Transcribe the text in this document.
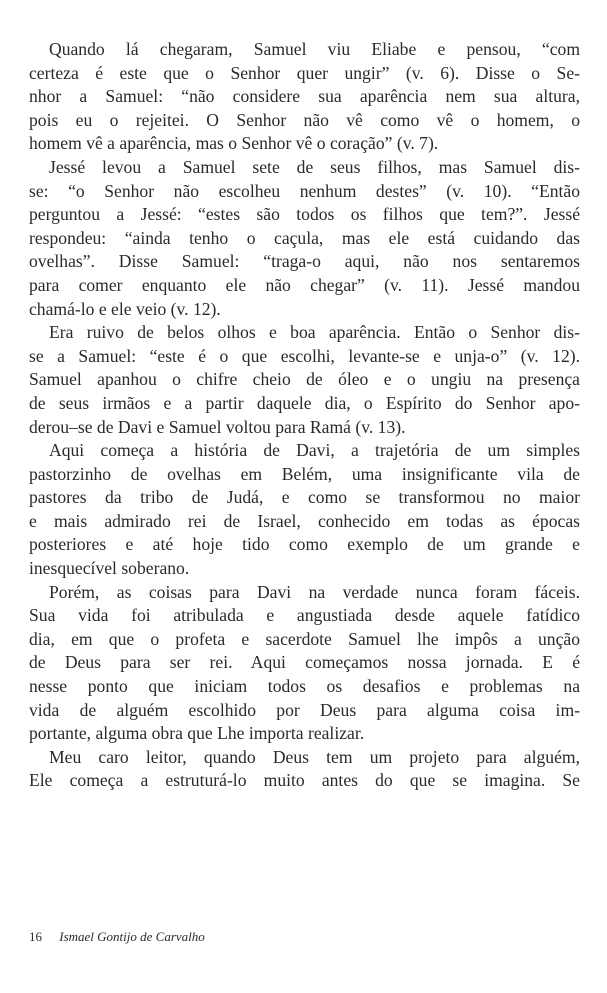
Quando lá chegaram, Samuel viu Eliabe e pensou, “com
certeza é este que o Senhor quer ungir” (v. 6). Disse o Se-
nhor a Samuel: “não considere sua aparência nem sua altura,
pois eu o rejeitei. O Senhor não vê como vê o homem, o
homem vê a aparência, mas o Senhor vê o coração” (v. 7).
Jessé levou a Samuel sete de seus filhos, mas Samuel dis-
se: “o Senhor não escolheu nenhum destes” (v. 10). “Então
perguntou a Jessé: “estes são todos os filhos que tem?”. Jessé
respondeu: “ainda tenho o caçula, mas ele está cuidando das
ovelhas”. Disse Samuel: “traga-o aqui, não nos sentaremos
para comer enquanto ele não chegar” (v. 11). Jessé mandou
chamá-lo e ele veio (v. 12).
Era ruivo de belos olhos e boa aparência. Então o Senhor dis-
se a Samuel: “este é o que escolhi, levante-se e unja-o” (v. 12).
Samuel apanhou o chifre cheio de óleo e o ungiu na presença
de seus irmãos e a partir daquele dia, o Espírito do Senhor apo-
derou–se de Davi e Samuel voltou para Ramá (v. 13).
Aqui começa a história de Davi, a trajetória de um simples
pastorzinho de ovelhas em Belém, uma insignificante vila de
pastores da tribo de Judá, e como se transformou no maior
e mais admirado rei de Israel, conhecido em todas as épocas
posteriores e até hoje tido como exemplo de um grande e
inesquecível soberano.
Porém, as coisas para Davi na verdade nunca foram fáceis.
Sua vida foi atribulada e angustiada desde aquele fatídico
dia, em que o profeta e sacerdote Samuel lhe impôs a unção
de Deus para ser rei. Aqui começamos nossa jornada. E é
nesse ponto que iniciam todos os desafios e problemas na
vida de alguém escolhido por Deus para alguma coisa im-
portante, alguma obra que Lhe importa realizar.
Meu caro leitor, quando Deus tem um projeto para alguém,
Ele começa a estruturá-lo muito antes do que se imagina. Se
16 Ismael Gontijo de Carvalho
